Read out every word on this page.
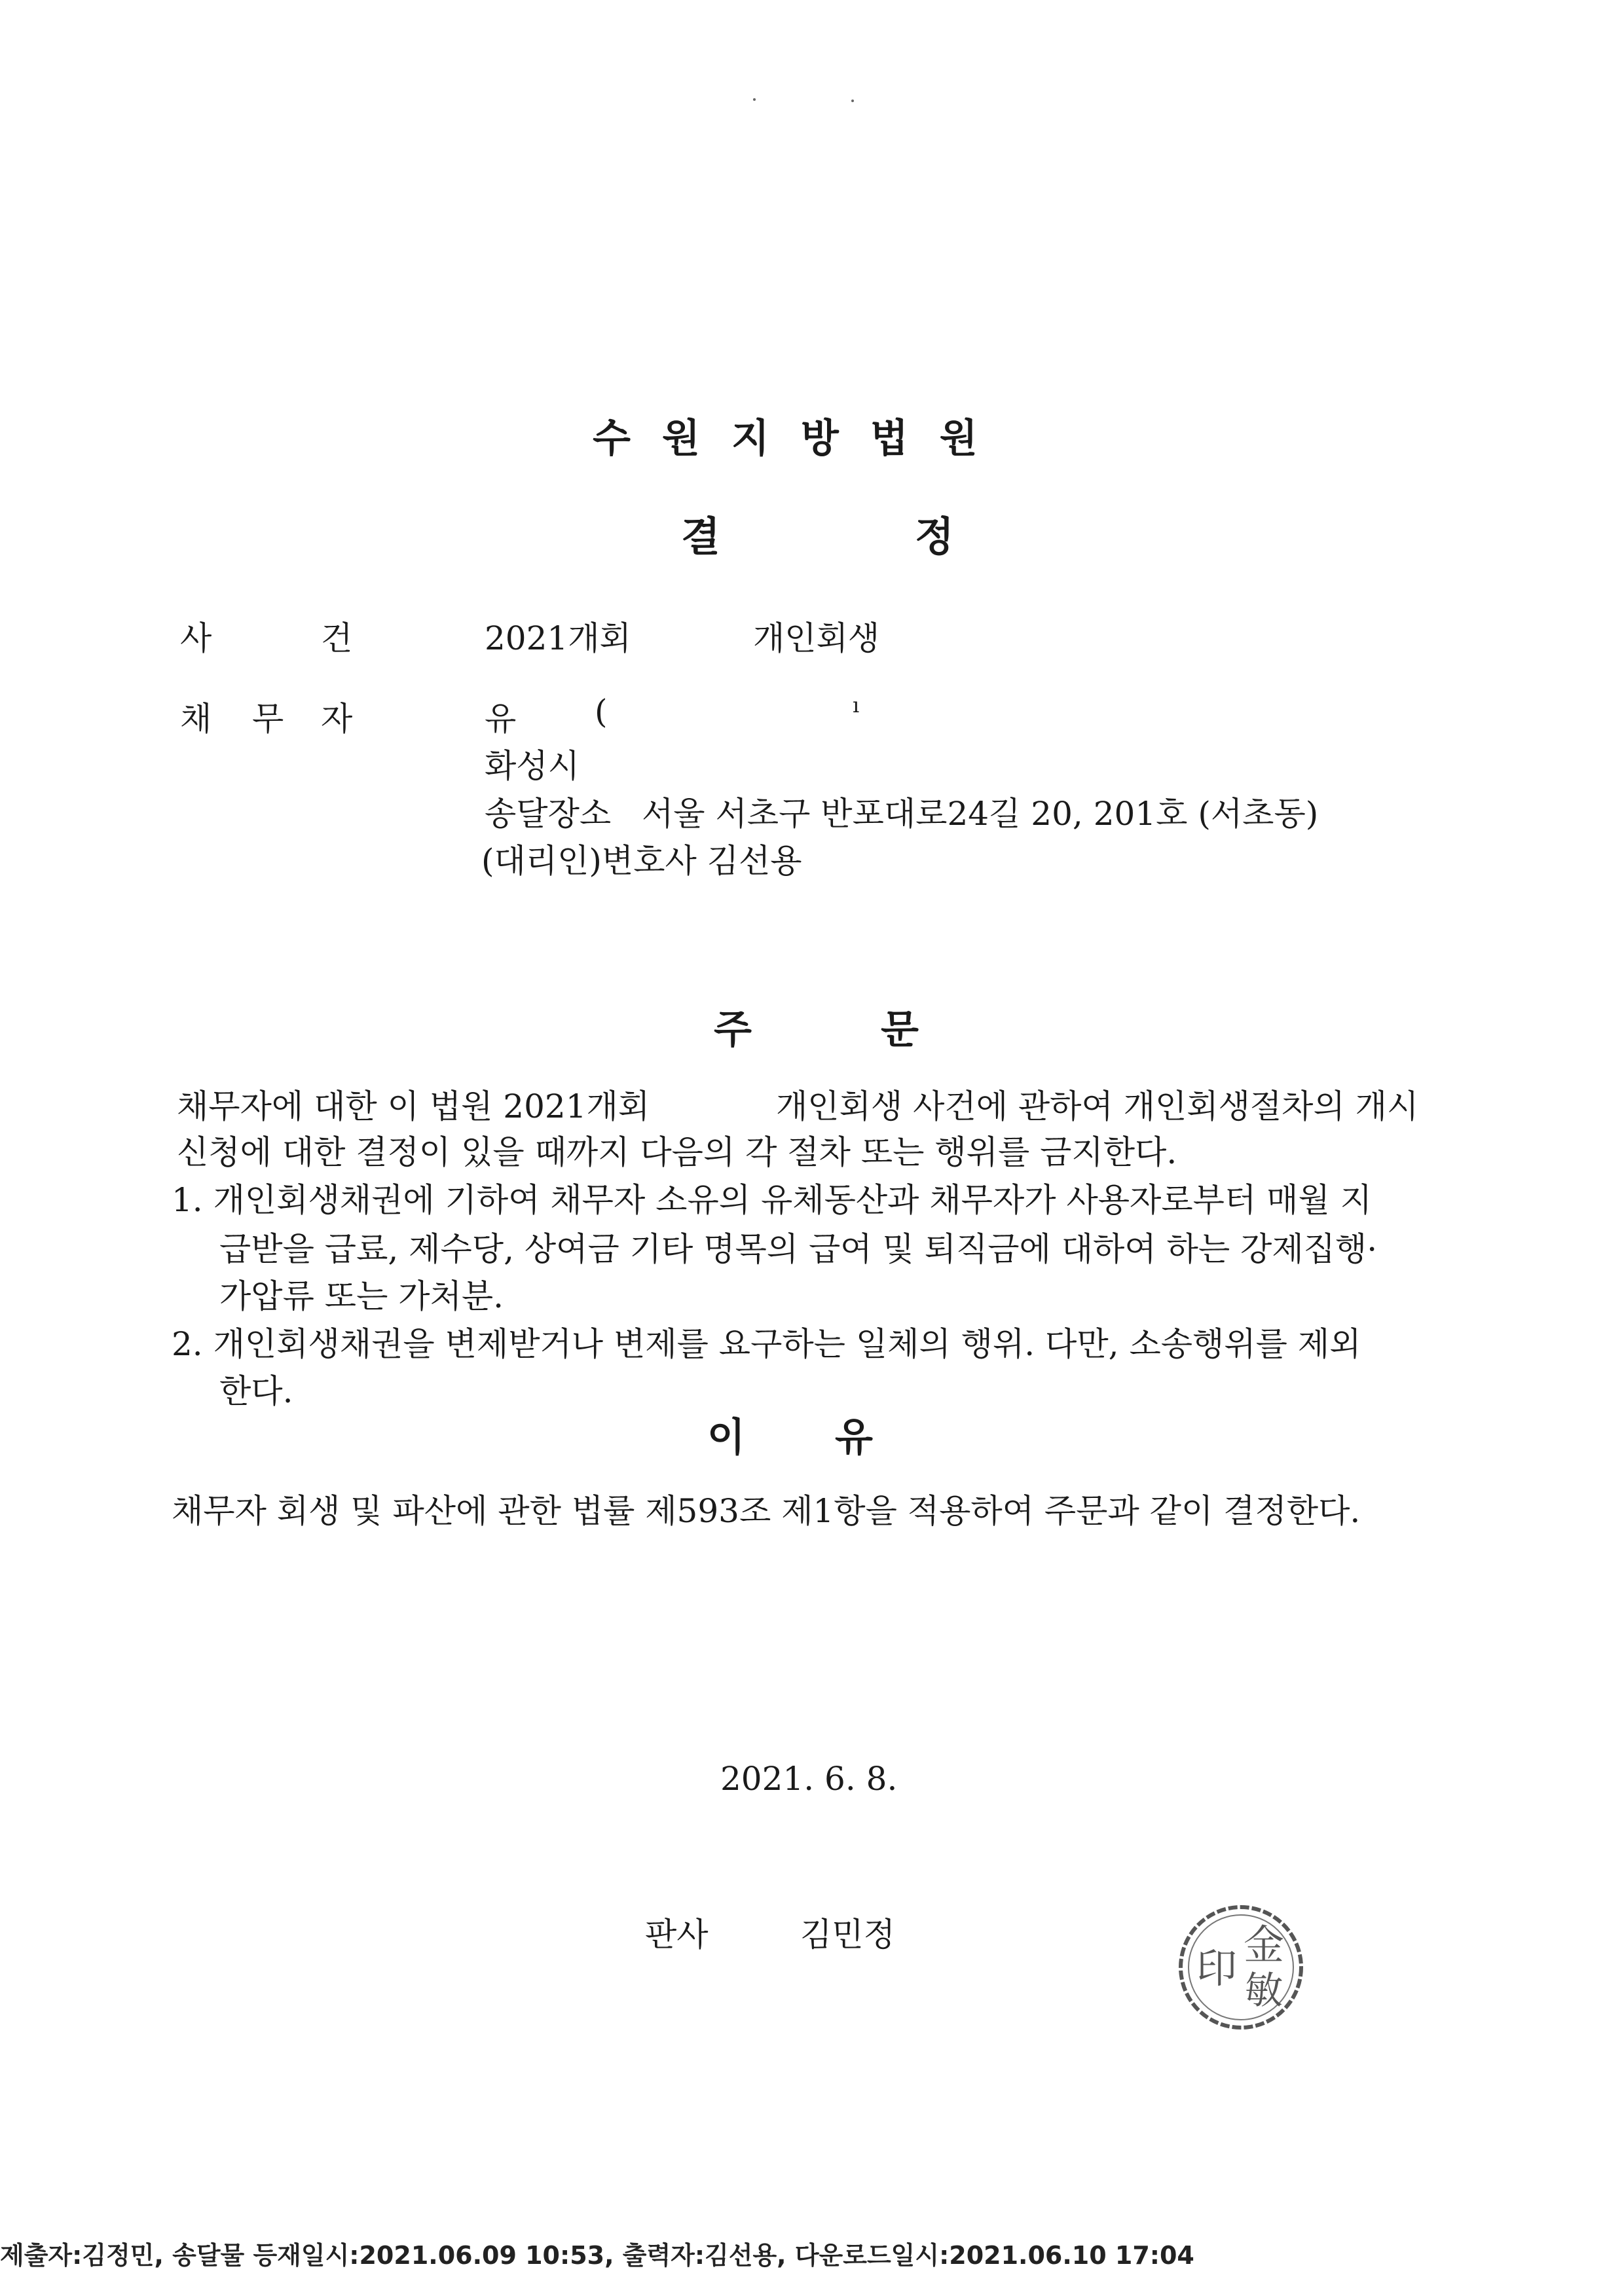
수원지방법원
결	정
사	건	2021개회	개인회생
채 무 자	유 (	ı
화성시
송달장소 서울 서초구 반포대로24길 20, 201호 (서초동)
(대리인)변호사 김선용
주	문
채무자에 대한 이 법원 2021개회	개인회생 사건에 관하여 개인회생절차의 개시
신청에 대한 결정이 있을 때까지 다음의 각 절차 또는 행위를 금지한다.
1. 개인회생채권에 기하여 채무자 소유의 유체동산과 채무자가 사용자로부터 매월 지
급받을 급료, 제수당, 상여금 기타 명목의 급여 및 퇴직금에 대하여 하는 강제집행·
가압류 또는 가처분.
2. 개인회생채권을 변제받거나 변제를 요구하는 일체의 행위. 다만, 소송행위를 제외
한다.
이 유
채무자 회생 및 파산에 관한 법률 제593조 제1항을 적용하여 주문과 같이 결정한다.
2021. 6. 8.
판사	김민정	金
敏
印
제출자:김정민, 송달물 등재일시:2021.06.09 10:53, 출력자:김선용, 다운로드일시:2021.06.10 17:04
